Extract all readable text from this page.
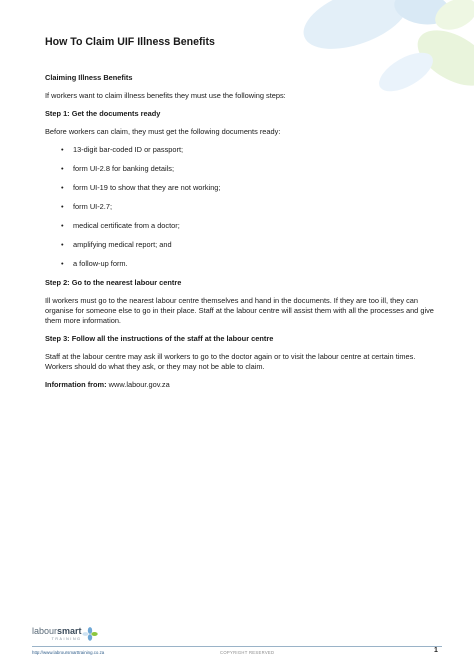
How To Claim UIF Illness Benefits
Claiming Illness Benefits
If workers want to claim illness benefits they must use the following steps:
Step 1: Get the documents ready
Before workers can claim, they must get the following documents ready:
• 13-digit bar-coded ID or passport;
• form UI-2.8 for banking details;
• form UI-19 to show that they are not working;
• form UI-2.7;
• medical certificate from a doctor;
• amplifying medical report; and
• a follow-up form.
Step 2: Go to the nearest labour centre
Ill workers must go to the nearest labour centre themselves and hand in the documents. If they are too ill, they can organise for someone else to go in their place. Staff at the labour centre will assist them with all the processes and give them more information.
Step 3: Follow all the instructions of the staff at the labour centre
Staff at the labour centre may ask ill workers to go to the doctor again or to visit the labour centre at certain times. Workers should do what they ask, or they may not be able to claim.
Information from: www.labour.gov.za
laboursmart
TRAINING
http://www.labroursmarttraining.co.za	COPYRIGHT RESERVED	1
